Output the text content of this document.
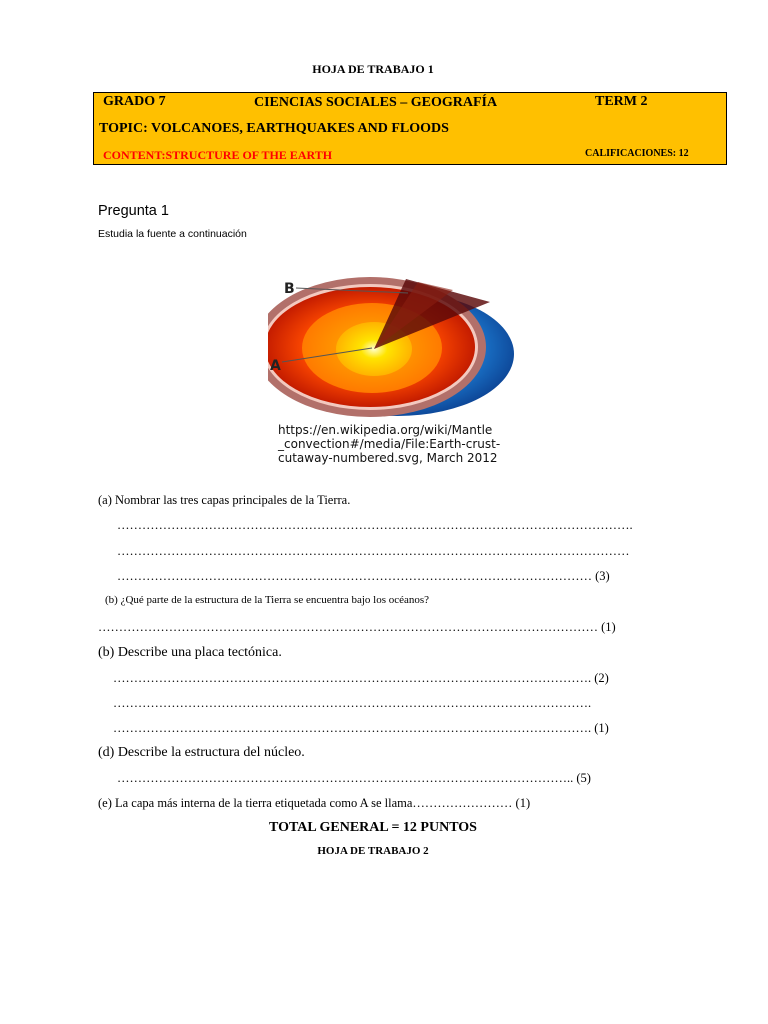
HOJA DE TRABAJO 1
GRADO 7	CIENCIAS SOCIALES – GEOGRAFÍA	TERM 2
TOPIC: VOLCANOES, EARTHQUAKES AND FLOODS
CONTENT:STRUCTURE OF THE EARTH	CALIFICACIONES: 12
Pregunta 1
Estudia la fuente a continuación
B
A
https://en.wikipedia.org/wiki/Mantle
_convection#/media/File:Earth-crust-
cutaway-numbered.svg, March 2012
(a) Nombrar las tres capas principales de la Tierra.
…………………………………………………………………………………………………………….
……………………………………………………………………………………………………………
…………………………………………………………………………………………………… (3)
(b) ¿Qué parte de la estructura de la Tierra se encuentra bajo los océanos?
………………………………………………………………………………………………………… (1)
(b) Describe una placa tectónica.
……………………………………………………………………………………………………. (2)
…………………………………………………………………………………………………….
……………………………………………………………………………………………………. (1)
(d) Describe la estructura del núcleo.
……………………………………………………………………………………………….. (5)
(e) La capa más interna de la tierra etiquetada como A se llama…………………… (1)
TOTAL GENERAL = 12 PUNTOS
HOJA DE TRABAJO 2
